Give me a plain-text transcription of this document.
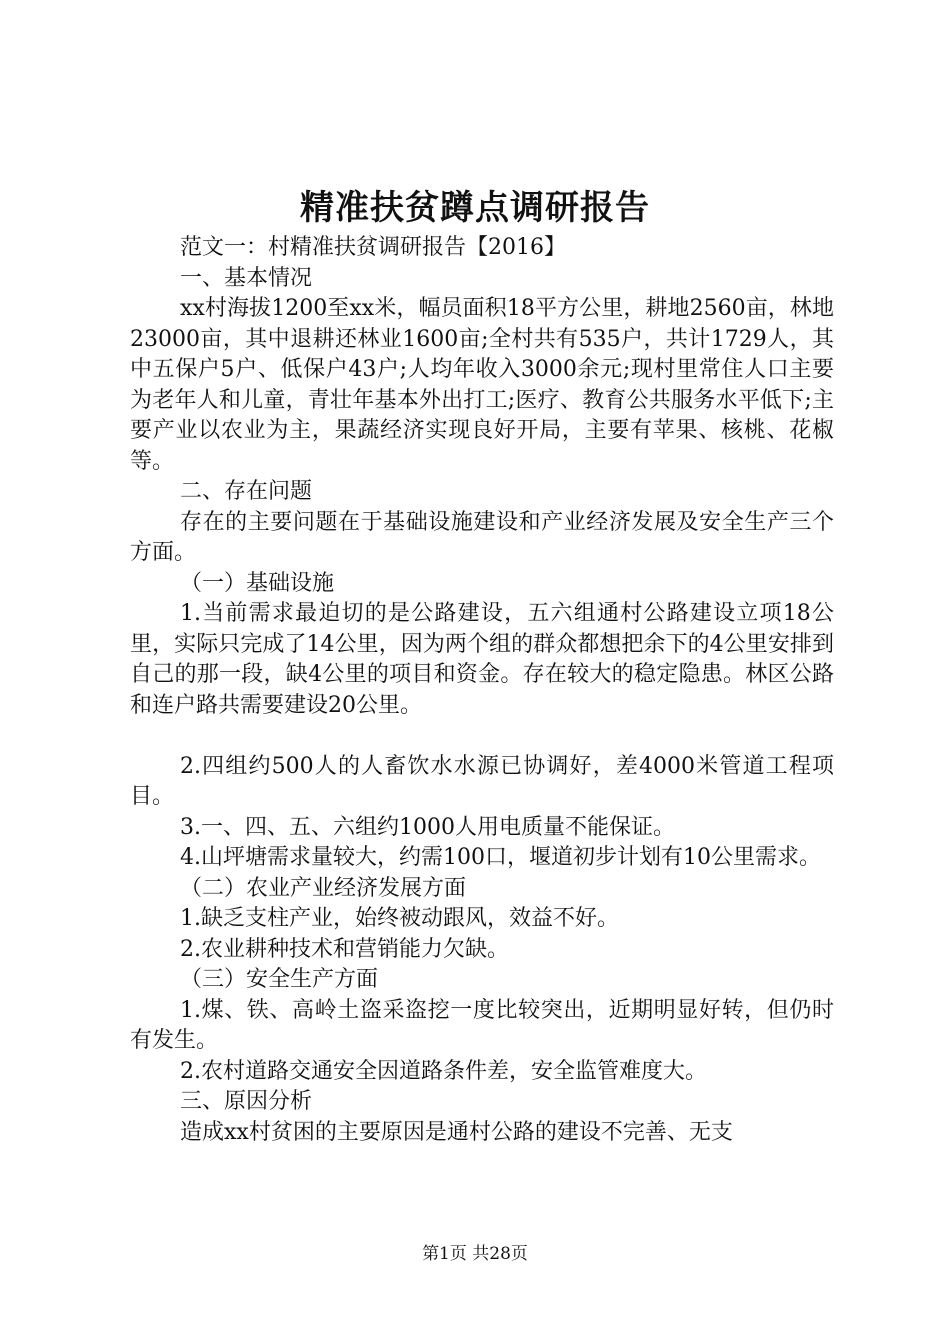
精准扶贫蹲点调研报告

范文一：村精准扶贫调研报告【2016】

一、基本情况

xx村海拔1200至xx米，幅员面积18平方公里，耕地2560亩，林地23000亩，其中退耕还林业1600亩;全村共有535户，共计1729人，其中五保户5户、低保户43户;人均年收入3000余元;现村里常住人口主要为老年人和儿童，青壮年基本外出打工;医疗、教育公共服务水平低下;主要产业以农业为主，果蔬经济实现良好开局，主要有苹果、核桃、花椒等。

二、存在问题

存在的主要问题在于基础设施建设和产业经济发展及安全生产三个方面。

（一）基础设施

1.当前需求最迫切的是公路建设，五六组通村公路建设立项18公里，实际只完成了14公里，因为两个组的群众都想把余下的4公里安排到自己的那一段，缺4公里的项目和资金。存在较大的稳定隐患。林区公路和连户路共需要建设20公里。

2.四组约500人的人畜饮水水源已协调好，差4000米管道工程项目。

3.一、四、五、六组约1000人用电质量不能保证。

4.山坪塘需求量较大，约需100口，堰道初步计划有10公里需求。

（二）农业产业经济发展方面

1.缺乏支柱产业，始终被动跟风，效益不好。

2.农业耕种技术和营销能力欠缺。

（三）安全生产方面

1.煤、铁、高岭土盗采盗挖一度比较突出，近期明显好转，但仍时有发生。

2.农村道路交通安全因道路条件差，安全监管难度大。

三、原因分析

造成xx村贫困的主要原因是通村公路的建设不完善、无支

第1页 共28页
